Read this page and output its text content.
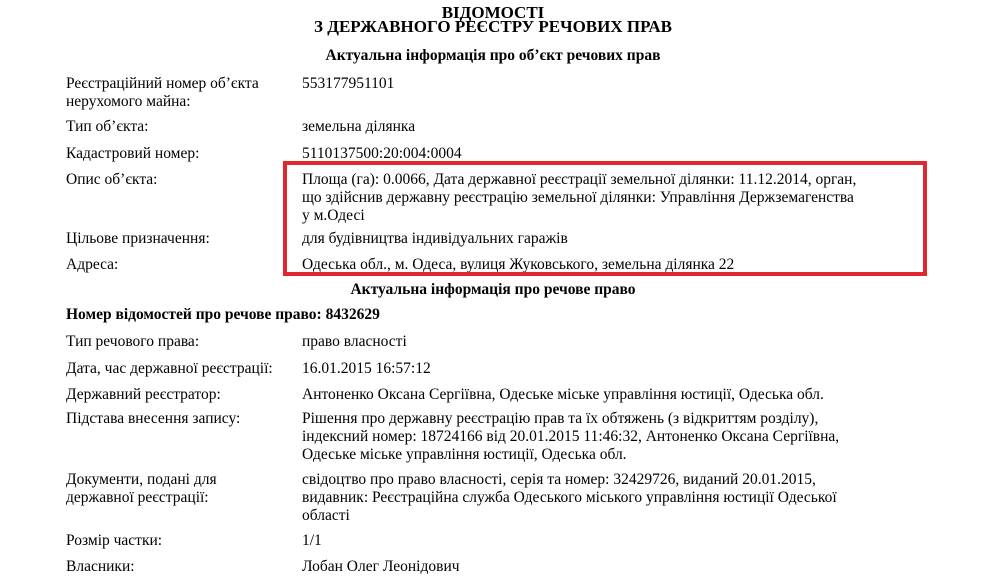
ВІДОМОСТІ
З ДЕРЖАВНОГО РЕЄСТРУ РЕЧОВИХ ПРАВ
Актуальна інформація про об’єкт речових прав
Реєстраційний номер об’єкта
нерухомого майна:
553177951101
Тип об’єкта:	земельна ділянка
Кадастровий номер:	5110137500:20:004:0004
Опис об’єкта:	Площа (га): 0.0066, Дата державної реєстрації земельної ділянки: 11.12.2014, орган,
що здійснив державну реєстрацію земельної ділянки: Управління Держземагенства
у м.Одесі
Цільове призначення:	для будівництва індивідуальних гаражів
Адреса:	Одеська обл., м. Одеса, вулиця Жуковського, земельна ділянка 22
Актуальна інформація про речове право
Номер відомостей про речове право: 8432629
Тип речового права:	право власності
Дата, час державної реєстрації:	16.01.2015 16:57:12
Державний реєстратор:	Антоненко Оксана Сергіївна, Одеське міське управління юстиції, Одеська обл.
Підстава внесення запису:	Рішення про державну реєстрацію прав та їх обтяжень (з відкриттям розділу),
індексний номер: 18724166 від 20.01.2015 11:46:32, Антоненко Оксана Сергіївна,
Одеське міське управління юстиції, Одеська обл.
Документи, подані для
державної реєстрації:
свідоцтво про право власності, серія та номер: 32429726, виданий 20.01.2015,
видавник: Реєстраційна служба Одеського міського управління юстиції Одеської
області
Розмір частки:	1/1
Власники:	Лобан Олег Леонідович
